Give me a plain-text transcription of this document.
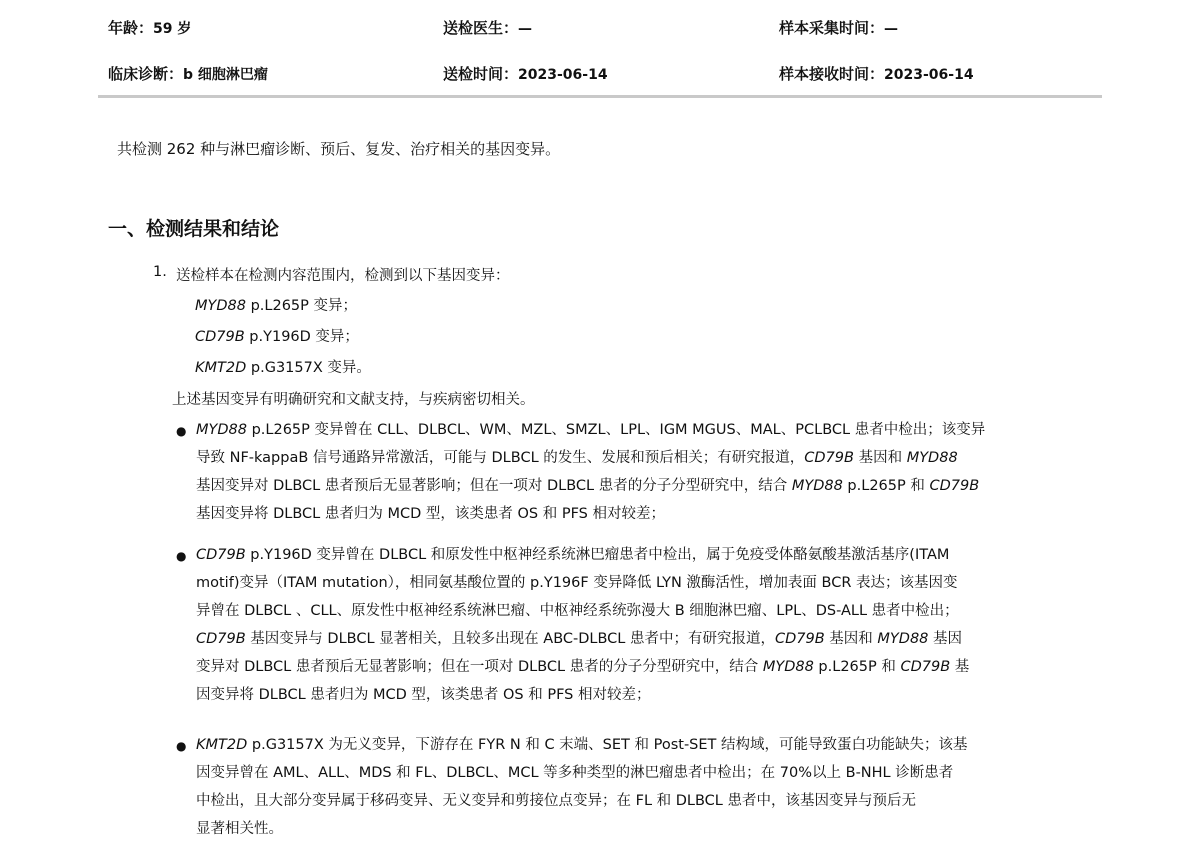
年龄：59 岁	送检医生：—	样本采集时间：—
临床诊断：b 细胞淋巴瘤	送检时间：2023-06-14	样本接收时间：2023-06-14
共检测 262 种与淋巴瘤诊断、预后、复发、治疗相关的基因变异。
一、检测结果和结论
1. 送检样本在检测内容范围内，检测到以下基因变异：
MYD88 p.L265P 变异；
CD79B p.Y196D 变异；
KMT2D p.G3157X 变异。
上述基因变异有明确研究和文献支持，与疾病密切相关。
● MYD88 p.L265P 变异曾在 CLL、DLBCL、WM、MZL、SMZL、LPL、IGM MGUS、MAL、PCLBCL 患者中检出；该变异
导致 NF-kappaB 信号通路异常激活，可能与 DLBCL 的发生、发展和预后相关；有研究报道，CD79B 基因和 MYD88
基因变异对 DLBCL 患者预后无显著影响；但在一项对 DLBCL 患者的分子分型研究中，结合 MYD88 p.L265P 和 CD79B
基因变异将 DLBCL 患者归为 MCD 型，该类患者 OS 和 PFS 相对较差；
● CD79B p.Y196D 变异曾在 DLBCL 和原发性中枢神经系统淋巴瘤患者中检出，属于免疫受体酪氨酸基激活基序(ITAM
motif)变异（ITAM mutation），相同氨基酸位置的 p.Y196F 变异降低 LYN 激酶活性，增加表面 BCR 表达；该基因变
异曾在 DLBCL 、CLL、原发性中枢神经系统淋巴瘤、中枢神经系统弥漫大 B 细胞淋巴瘤、LPL、DS-ALL 患者中检出；
CD79B 基因变异与 DLBCL 显著相关，且较多出现在 ABC-DLBCL 患者中；有研究报道，CD79B 基因和 MYD88 基因
变异对 DLBCL 患者预后无显著影响；但在一项对 DLBCL 患者的分子分型研究中，结合 MYD88 p.L265P 和 CD79B 基
因变异将 DLBCL 患者归为 MCD 型，该类患者 OS 和 PFS 相对较差；
● KMT2D p.G3157X 为无义变异，下游存在 FYR N 和 C 末端、SET 和 Post-SET 结构域，可能导致蛋白功能缺失；该基
因变异曾在 AML、ALL、MDS 和 FL、DLBCL、MCL 等多种类型的淋巴瘤患者中检出；在 70%以上 B-NHL 诊断患者
中检出，且大部分变异属于移码变异、无义变异和剪接位点变异；在 FL 和 DLBCL 患者中，该基因变异与预后无
显著相关性。
